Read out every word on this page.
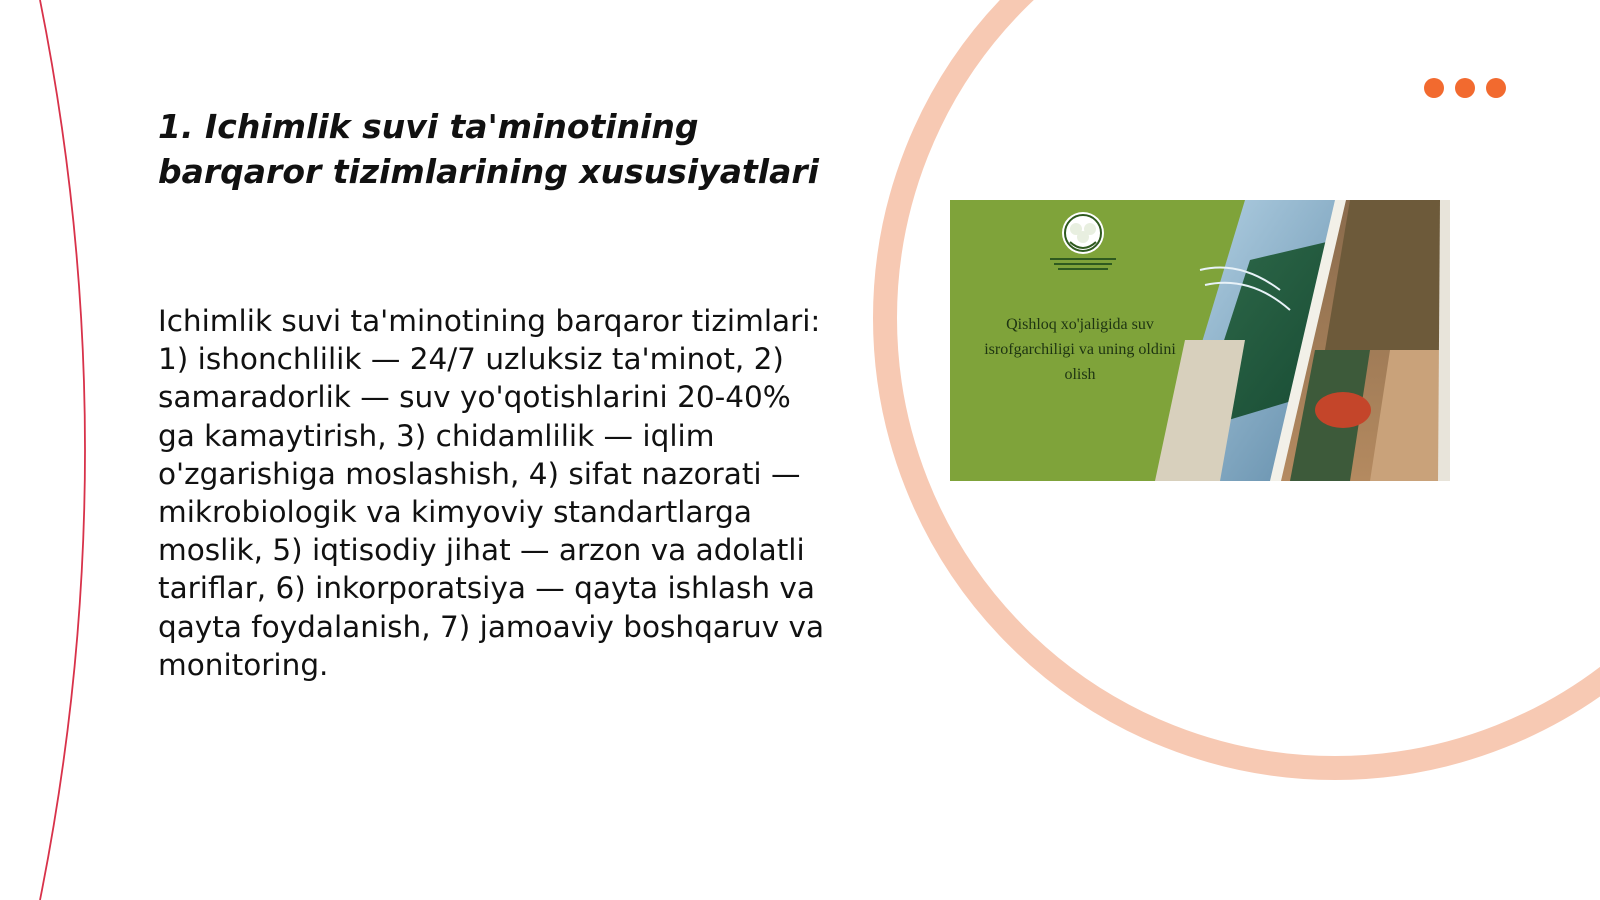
1. Ichimlik suvi ta'minotining barqaror tizimlarining xususiyatlari

Ichimlik suvi ta'minotining barqaror tizimlari: 1) ishonchlilik — 24/7 uzluksiz ta'minot, 2) samaradorlik — suv yo'qotishlarini 20-40% ga kamaytirish, 3) chidamlilik — iqlim o'zgarishiga moslashish, 4) sifat nazorati — mikrobiologik va kimyoviy standartlarga moslik, 5) iqtisodiy jihat — arzon va adolatli tariflar, 6) inkorporatsiya — qayta ishlash va qayta foydalanish, 7) jamoaviy boshqaruv va monitoring.

Qishloq xo'jaligida suv isrofgarchiligi va uning oldini olish
